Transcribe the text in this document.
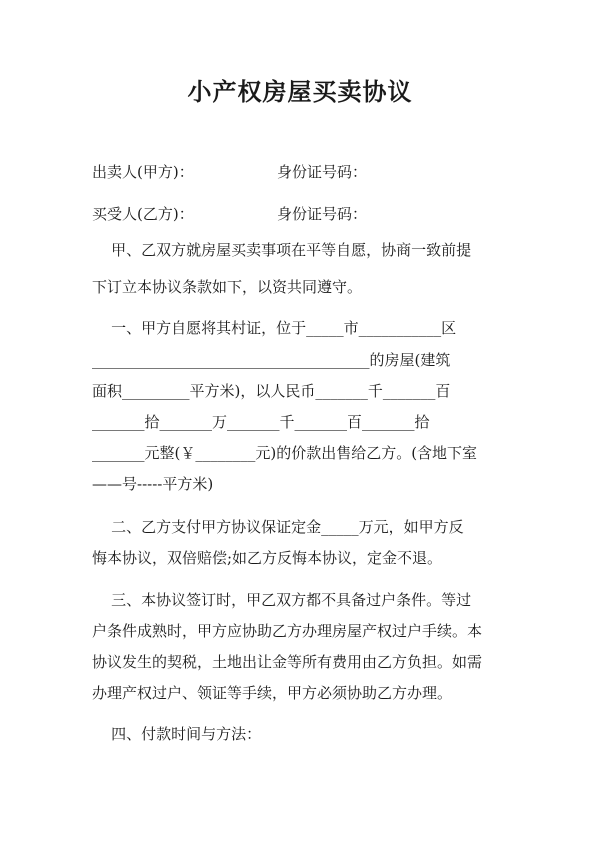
小产权房屋买卖协议
出卖人(甲方)：	身份证号码：
买受人(乙方)：	身份证号码：
甲、乙双方就房屋买卖事项在平等自愿，协商一致前提
下订立本协议条款如下，以资共同遵守。
一、甲方自愿将其村证，位于_____市___________区
_____________________________________的房屋(建筑
面积_________平方米)，以人民币_______千_______百
_______拾_______万_______千_______百_______拾
_______元整(￥________元)的价款出售给乙方。(含地下室
——号-----平方米)
二、乙方支付甲方协议保证定金_____万元，如甲方反
悔本协议，双倍赔偿;如乙方反悔本协议，定金不退。
三、本协议签订时，甲乙双方都不具备过户条件。等过
户条件成熟时，甲方应协助乙方办理房屋产权过户手续。本
协议发生的契税，土地出让金等所有费用由乙方负担。如需
办理产权过户、领证等手续，甲方必须协助乙方办理。
四、付款时间与方法：
